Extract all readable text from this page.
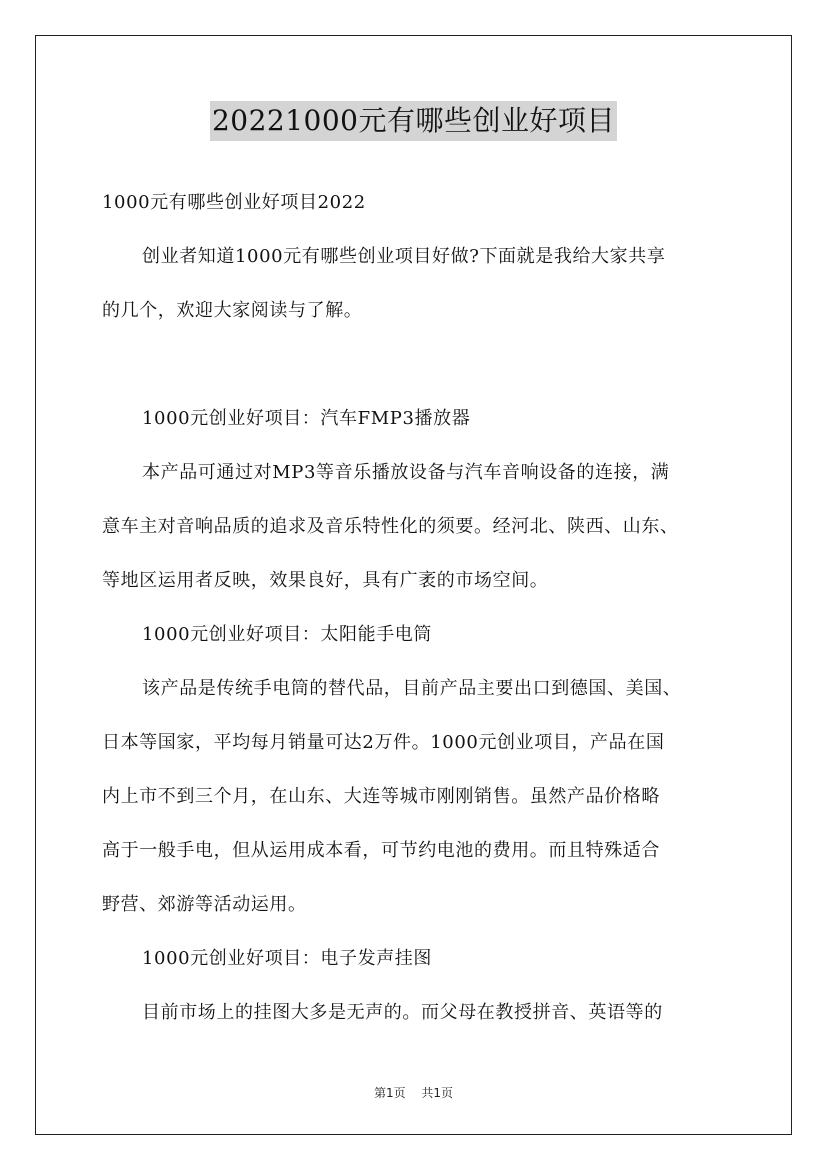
20221000元有哪些创业好项目
1000元有哪些创业好项目2022
创业者知道1000元有哪些创业项目好做?下面就是我给大家共享
的几个，欢迎大家阅读与了解。
1000元创业好项目：汽车FMP3播放器
本产品可通过对MP3等音乐播放设备与汽车音响设备的连接，满
意车主对音响品质的追求及音乐特性化的须要。经河北、陕西、山东、
等地区运用者反映，效果良好，具有广袤的市场空间。
1000元创业好项目：太阳能手电筒
该产品是传统手电筒的替代品，目前产品主要出口到德国、美国、
日本等国家，平均每月销量可达2万件。1000元创业项目，产品在国
内上市不到三个月，在山东、大连等城市刚刚销售。虽然产品价格略
高于一般手电，但从运用成本看，可节约电池的费用。而且特殊适合
野营、郊游等活动运用。
1000元创业好项目：电子发声挂图
目前市场上的挂图大多是无声的。而父母在教授拼音、英语等的
第1页 共1页
